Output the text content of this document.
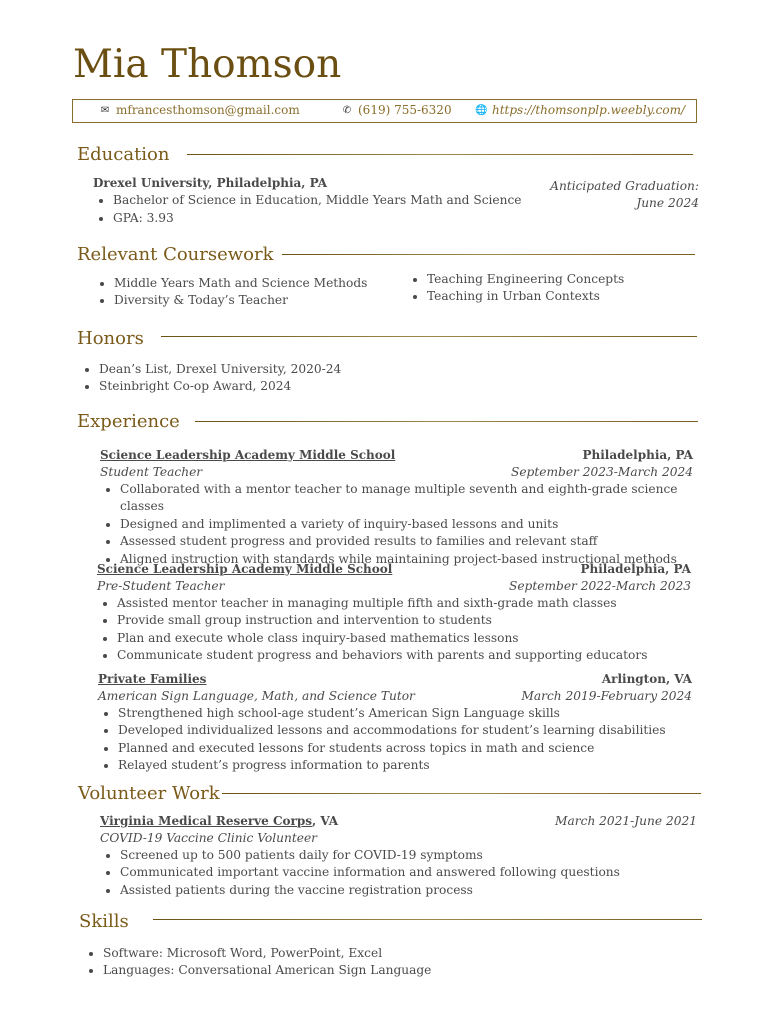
Mia Thomson
✉ mfrancesthomson@gmail.com	✆ (619) 755-6320 🌐 https://thomsonplp.weebly.com/
Education
Drexel University, Philadelphia, PA	Anticipated Graduation:
June 2024
• Bachelor of Science in Education, Middle Years Math and Science
• GPA: 3.93
Relevant Coursework
• Middle Years Math and Science Methods
• Diversity & Today’s Teacher
• Teaching Engineering Concepts
• Teaching in Urban Contexts
Honors
• Dean’s List, Drexel University, 2020-24
• Steinbright Co-op Award, 2024
Experience
Science Leadership Academy Middle School	Philadelphia, PA
Student Teacher	September 2023-March 2024
• Collaborated with a mentor teacher to manage multiple seventh and eighth-grade science classes
• Designed and implimented a variety of inquiry-based lessons and units
• Assessed student progress and provided results to families and relevant staff
• Aligned instruction with standards while maintaining project-based instructional methods
Science Leadership Academy Middle School	Philadelphia, PA
Pre-Student Teacher	September 2022-March 2023
• Assisted mentor teacher in managing multiple fifth and sixth-grade math classes
• Provide small group instruction and intervention to students
• Plan and execute whole class inquiry-based mathematics lessons
• Communicate student progress and behaviors with parents and supporting educators
Private Families	Arlington, VA
American Sign Language, Math, and Science Tutor	March 2019-February 2024
• Strengthened high school-age student’s American Sign Language skills
• Developed individualized lessons and accommodations for student’s learning disabilities
• Planned and executed lessons for students across topics in math and science
• Relayed student’s progress information to parents
Volunteer Work
Virginia Medical Reserve Corps, VA	March 2021-June 2021
COVID-19 Vaccine Clinic Volunteer
• Screened up to 500 patients daily for COVID-19 symptoms
• Communicated important vaccine information and answered following questions
• Assisted patients during the vaccine registration process
Skills
• Software: Microsoft Word, PowerPoint, Excel
• Languages: Conversational American Sign Language
